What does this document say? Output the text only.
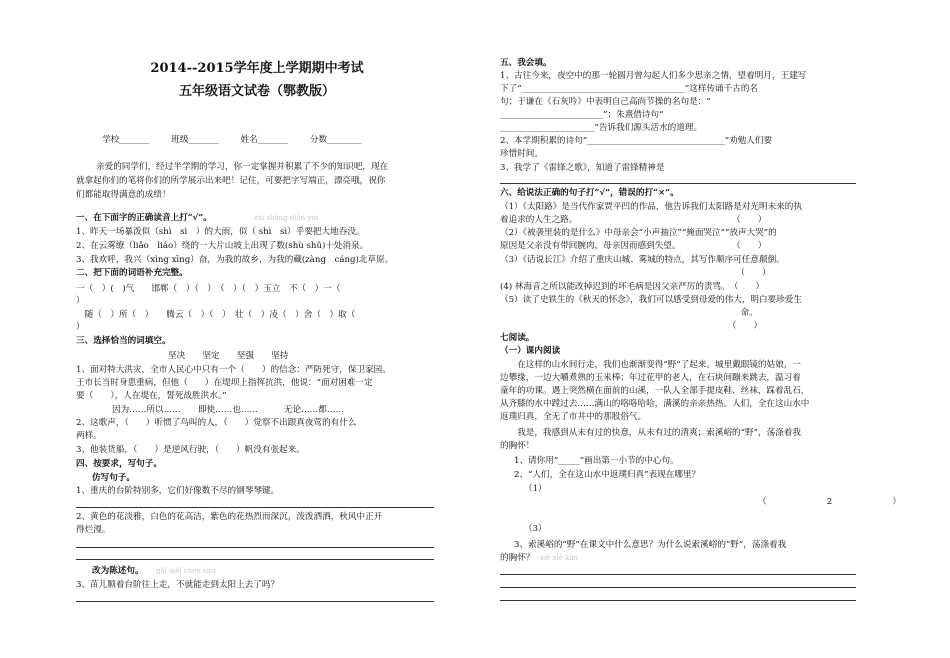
2014--2015学年度上学期期中考试
五年级语文试卷（鄂教版）
学校_______	班级_______	姓名_______	分数________
亲爱的同学们，经过半学期的学习，你一定掌握并积累了不少的知识吧，现在
就拿起你们的笔将你们的所学展示出来吧！记住，可要把字写端正，漂亮哦，祝你
们都能取得满意的成绩！
一、在下面字的正确读音上打“√”。	zài shàng diǎn yìn
1、昨天一场暴泼似（shì　sì　）的大雨，似（ shì　sì）乎要把大地吞没。
2、在云雾缭（liǎo　liáo）绕的一大片山坡上出现了数(shù shǔ)十处消泉。
3、我欢呼，我兴（xìng xīng）奋，为我的故乡，为我的藏(zàng　cáng)北草原。
二、把下面的词语补充完整。
一（　）(　)气　　邯郸（　）（　）　（　）（　）玉立　不（　）一（　
）
　随（　）所（　）　　腾云（　）（　）　壮（　）凌（　）舍（　）取（
）
三、选择恰当的词填空。
坚决　　坚定　　坚强　　坚持
1、面对特大洪灾，全市人民心中只有一个（　　）的信念：严防死守，保卫家园。
王市长当时身患重病，但他（　　）在堤坝上指挥抗洪，他说：“面对困难一定
要（　　），人在堤在，誓死战胜洪水。”
因为……所以……　　即使……也……　　　无论……都……
2、这歌声，（　　）听惯了鸟叫的人，（　　）觉察不出跟真夜莺的有什么
两样。
3、他装货船，（　　）是逆风行驶，（　　）帆没有张起来。
四、按要求，写句子。
仿写句子。
1、重庆的台阶特别多，它们好像数不尽的钢琴琴键。
2、黄色的花淡雅，白色的花高洁，紫色的花热烈而深沉，泼泼洒洒，秋风中正开
得烂漫。
改为陈述句。 gǎi wéi chén shù
3、苗儿顺着台阶往上走，不就能走到太阳上去了吗？
五、我会填。
1、古往今来，夜空中的那一轮圆月曾勾起人们多少思亲之情，望着明月，王建写
下了“______________________________________”这样传诵千古的名
句；于谦在《石灰吟》中表明自己高尚节操的名句是：“
________________________”；朱熹借诗句“
______________________”告诉我们源头活水的道理。
2、本学期积累的诗句“________________________________”劝勉人们要
珍惜时间。
3、我学了《雷锋之歌》，知道了雷锋精神是
六、给说法正确的句子打“√”，错误的打“×”。
（1）《太阳路》是当代作家贾平凹的作品，他告诉我们太阳路是对光明未来的执
着追求的人生之路。　　　　　　　　　　　　　　　　　　　（　　）
（2）《被袭里装的是什么》中母亲会“小声抽泣”“掩面哭泣”“放声大哭”的
原因是父亲没有带回腕肉，母亲因而感到失望。　　　　　　　（　　）
（3）《话说长江》介绍了重庆山城、雾城的特点，其写作顺序可任意颠倒。
　　　　　　　　　　　　　　　　　　　　　　　　　　　　（　　）
(4) 林海音之所以能改掉迟到的坏毛病是因父亲严厉的责骂。　（　　）
（5）读了史铁生的《秋天的怀念》，我们可以感受到母爱的伟大，明白要珍爱生
　　　　　　　　　　　　　　　　　　　　　　　　　　　　命。
　　　　　　　　　　　　　　　　　　　　　　　　　　　（　　）
七阅读。
（一）课内阅读
　　在这样的山水间行走，我们也渐渐变得“野”了起来。城里戴眼镜的姑娘，一
边攀缘，一边大嚼煮熟的玉米棒；年过花甲的老人，在石块间蹦来跳去，温习着
童年的功课。遇上突然横在面前的山溪，一队人全部手提皮鞋、丝袜，踩着乱石，
从齐膝的水中蹚过去……满山的咯咯哈哈，满溪的亲亲热热。人们，全在这山水中
返璞归真，全无了市井中的那股俗气。
　　我是，我感到从未有过的快意，从未有过的清爽；索溪峪的“野”，荡涤着我
的胸怀！
1、请你用“_____”画出第一小节的中心句。
2、“人们，全在这山水中返璞归真”表现在哪里？
（1）
（　　　　　　　2　　　　　　　）
（3）
3、索溪峪的“野”在课文中什么意思？为什么说索溪峪的“野”，荡涤着我
的胸怀？ xiě xiě kàn
